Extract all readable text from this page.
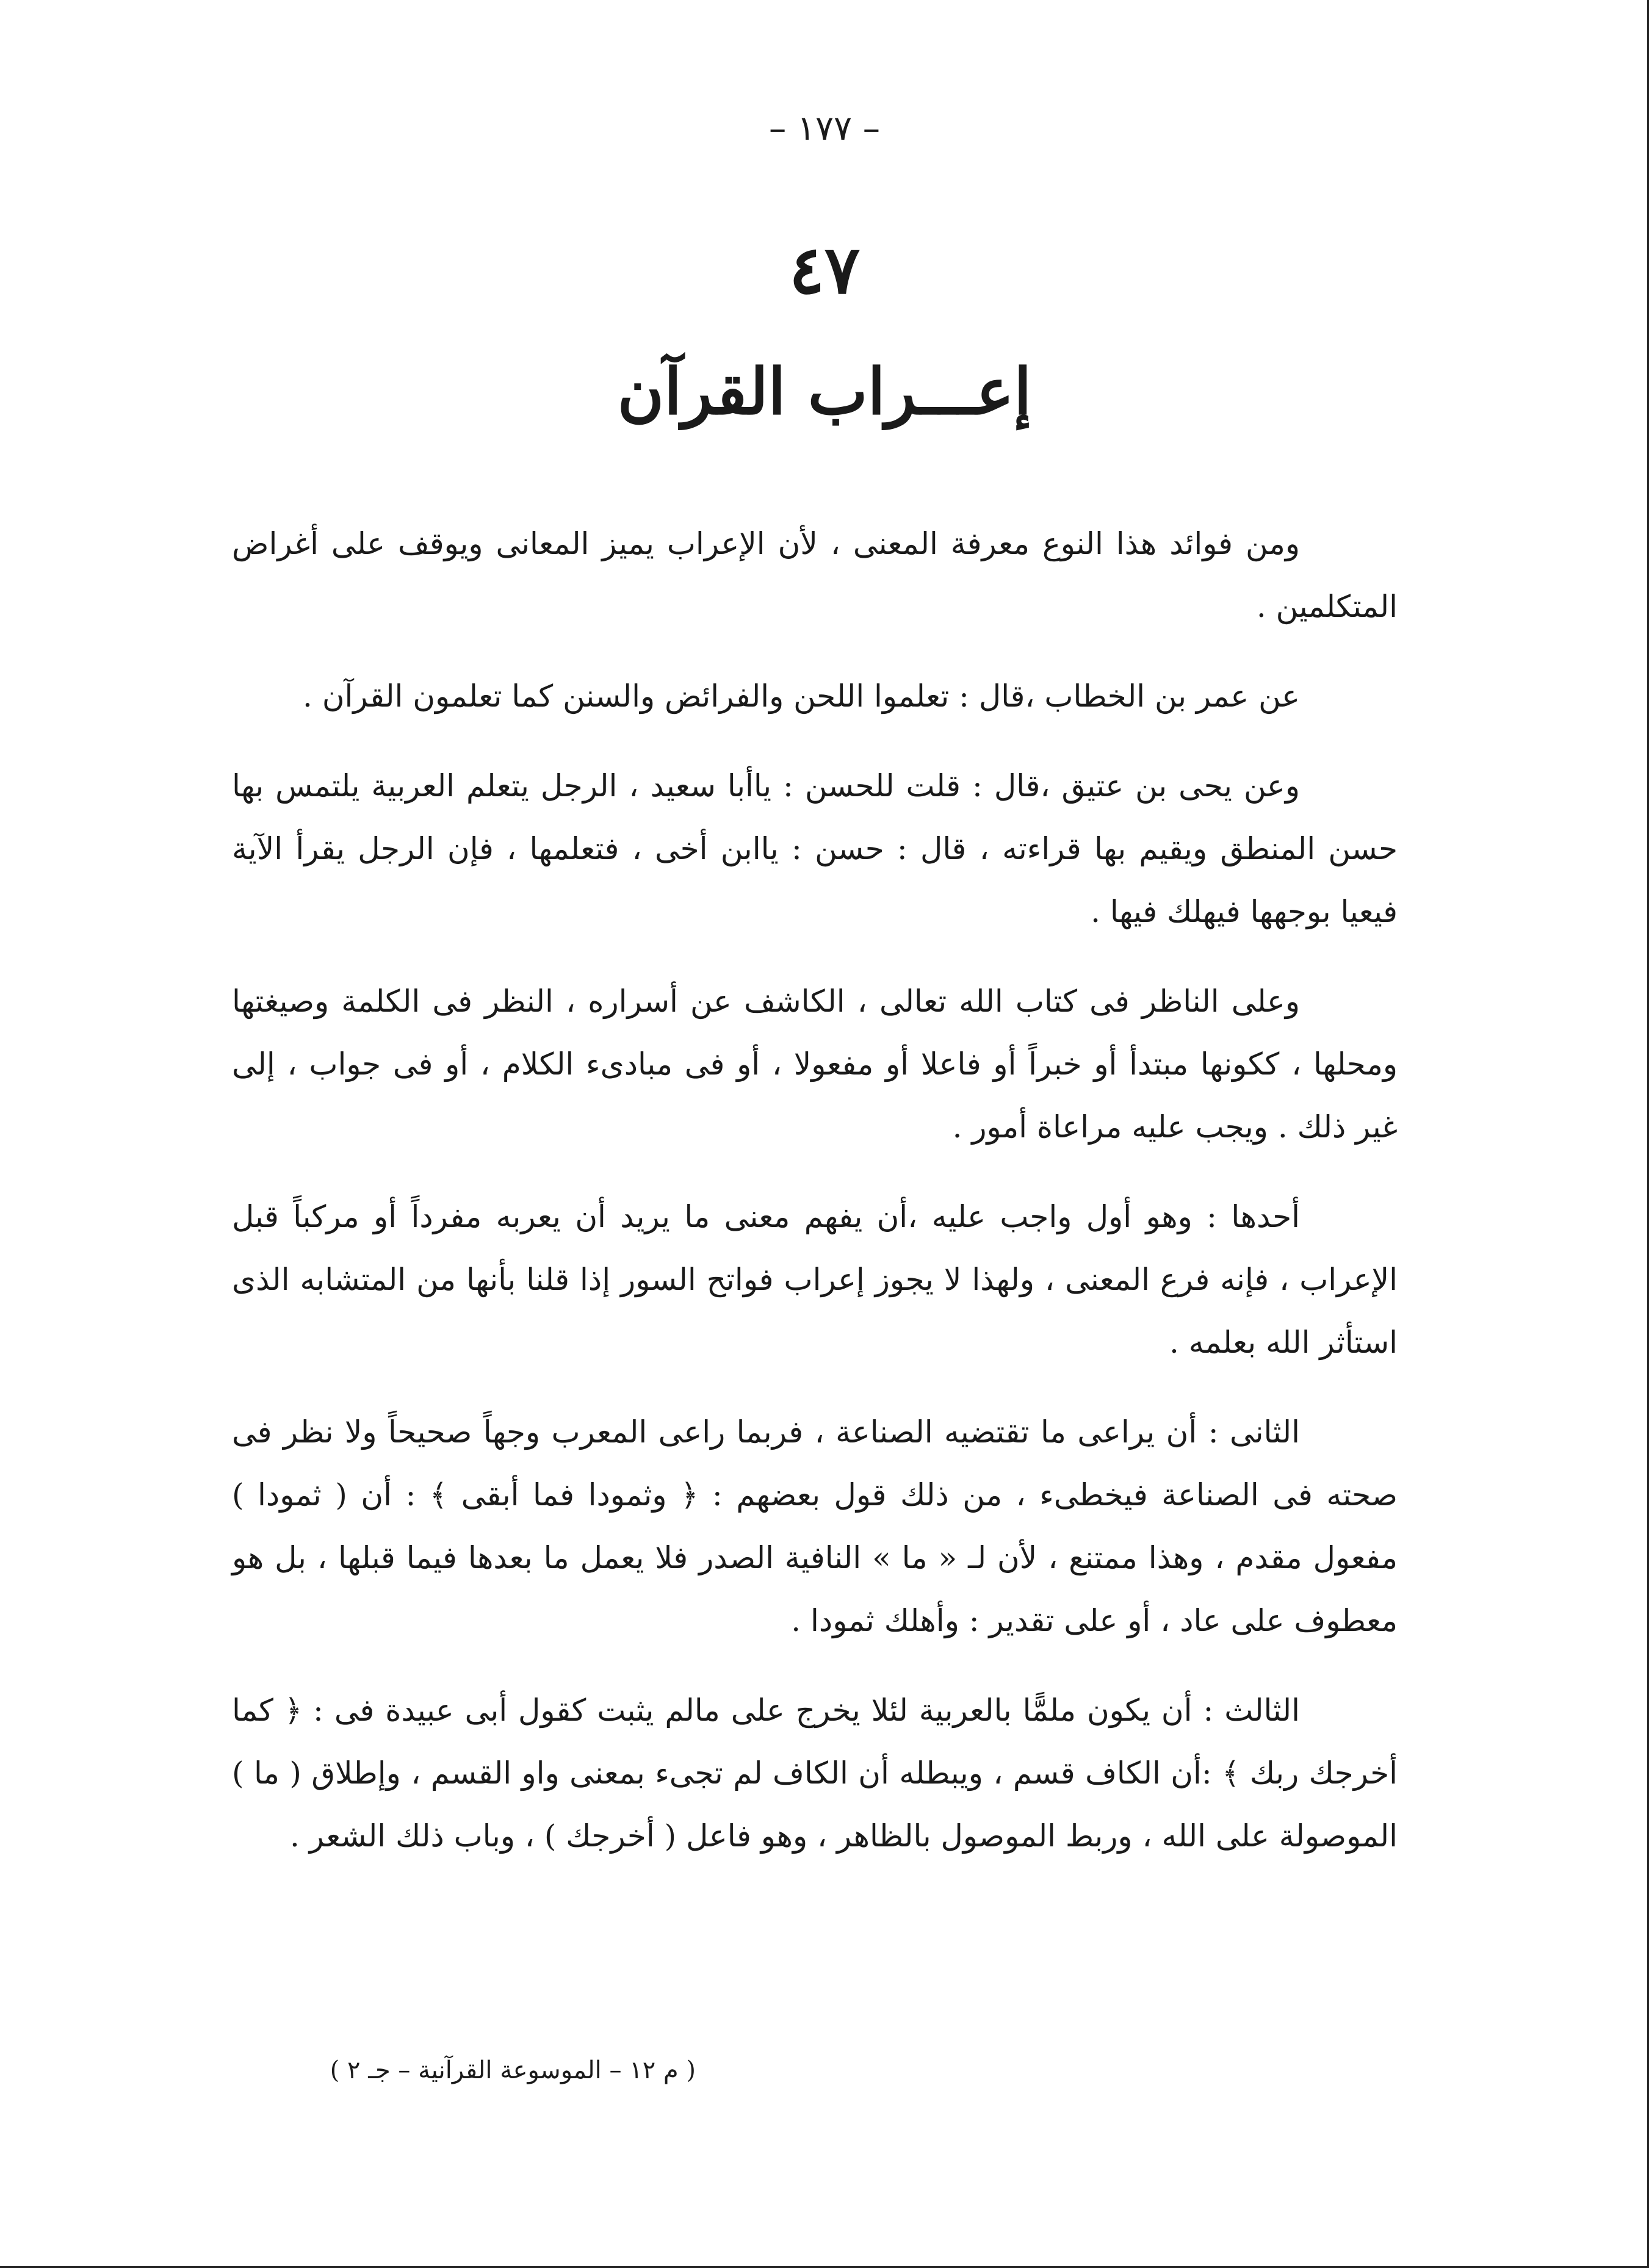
– ١٧٧ –
٤٧
إعـــراب القرآن

ومن فوائد هذا النوع معرفة المعنى ، لأن الإعراب يميز المعانى ويوقف على أغراض المتكلمين .

عن عمر بن الخطاب ،قال : تعلموا اللحن والفرائض والسنن كما تعلمون القرآن .

وعن يحى بن عتيق ،قال : قلت للحسن : ياأبا سعيد ، الرجل يتعلم العربية يلتمس بها حسن المنطق ويقيم بها قراءته ، قال : حسن : ياابن أخى ، فتعلمها ، فإن الرجل يقرأ الآية فيعيا بوجهها فيهلك فيها .

وعلى الناظر فى كتاب الله تعالى ، الكاشف عن أسراره ، النظر فى الكلمة وصيغتها ومحلها ، ككونها مبتدأ أو خبراً أو فاعلا أو مفعولا ، أو فى مبادىء الكلام ، أو فى جواب ، إلى غير ذلك . ويجب عليه مراعاة أمور .

أحدها : وهو أول واجب عليه ،أن يفهم معنى ما يريد أن يعربه مفرداً أو مركباً قبل الإعراب ، فإنه فرع المعنى ، ولهذا لا يجوز إعراب فواتح السور إذا قلنا بأنها من المتشابه الذى استأثر الله بعلمه .

الثانى : أن يراعى ما تقتضيه الصناعة ، فربما راعى المعرب وجهاً صحيحاً ولا نظر فى صحته فى الصناعة فيخطىء ، من ذلك قول بعضهم : ﴿ وثمودا فما أبقى ﴾ : أن ( ثمودا ) مفعول مقدم ، وهذا ممتنع ، لأن لـ « ما » النافية الصدر فلا يعمل ما بعدها فيما قبلها ، بل هو معطوف على عاد ، أو على تقدير : وأهلك ثمودا .

الثالث : أن يكون ملمًّا بالعربية لئلا يخرج على مالم يثبت كقول أبى عبيدة فى : ﴿ كما أخرجك ربك ﴾ :أن الكاف قسم ، ويبطله أن الكاف لم تجىء بمعنى واو القسم ، وإطلاق ( ما ) الموصولة على الله ، وربط الموصول بالظاهر ، وهو فاعل ( أخرجك ) ، وباب ذلك الشعر .

( م ١٢ – الموسوعة القرآنية – جـ ٢ )
